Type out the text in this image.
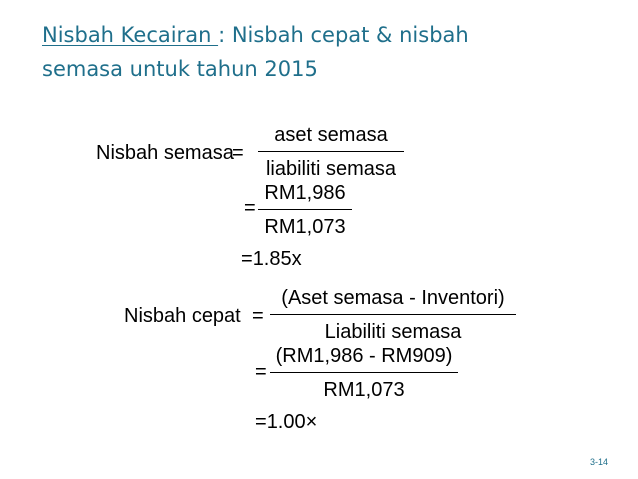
Nisbah Kecairan : Nisbah cepat & nisbah
semasa untuk tahun 2015
Nisbah semasa
=
aset semasa
liabiliti semasa
=
RM1,986
RM1,073
=1.85x
Nisbah cepat =
(Aset semasa - Inventori)
Liabiliti semasa
=
(RM1,986 - RM909)
RM1,073
=1.00×
3-14
